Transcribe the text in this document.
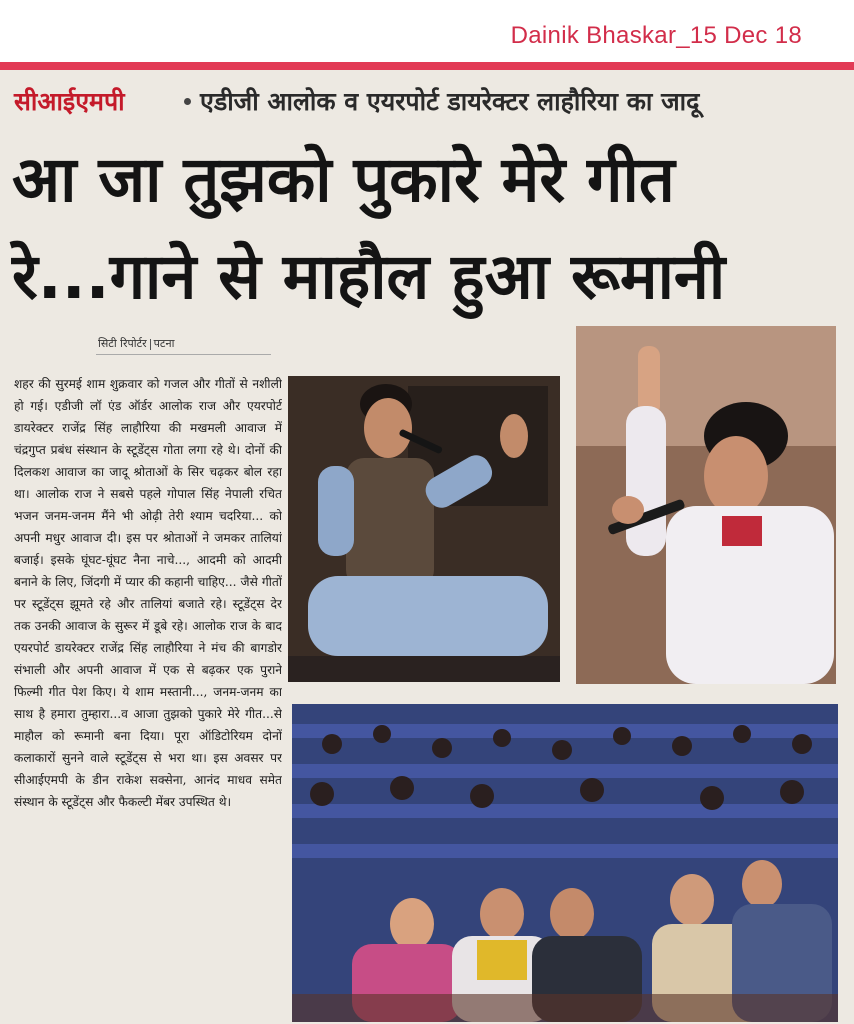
Dainik Bhaskar_15 Dec 18
सीआईएमपी	एडीजी आलोक व एयरपोर्ट डायरेक्टर लाहौरिया का जादू
आ जा तुझको पुकारे मेरे गीत
रे...गाने से माहौल हुआ रूमानी
सिटी रिपोर्टर पटना

शहर की सुरमई शाम शुक्रवार को गजल और गीतों से नशीली हो गई। एडीजी लॉ एंड ऑर्डर आलोक राज और एयरपोर्ट डायरेक्टर राजेंद्र सिंह लाहौरिया की मखमली आवाज में चंद्रगुप्त प्रबंध संस्थान के स्टूडेंट्स गोता लगा रहे थे। दोनों की दिलकश आवाज का जादू श्रोताओं के सिर चढ़कर बोल रहा था। आलोक राज ने सबसे पहले गोपाल सिंह नेपाली रचित भजन जनम-जनम मैंने भी ओढ़ी तेरी श्याम चदरिया... को अपनी मधुर आवाज दी। इस पर श्रोताओं ने जमकर तालियां बजाई। इसके घूंघट-घूंघट नैना नाचे..., आदमी को आदमी बनाने के लिए, जिंदगी में प्यार की कहानी चाहिए... जैसे गीतों पर स्टूडेंट्स झूमते रहे और तालियां बजाते रहे। स्टूडेंट्स देर तक उनकी आवाज के सुरूर में डूबे रहे। आलोक राज के बाद एयरपोर्ट डायरेक्टर राजेंद्र सिंह लाहौरिया ने मंच की बागडोर संभाली और अपनी आवाज में एक से बढ़कर एक पुराने फिल्मी गीत पेश किए। ये शाम मस्तानी..., जनम-जनम का साथ है हमारा तुम्हारा...व आजा तुझको पुकारे मेरे गीत...से माहौल को रूमानी बना दिया। पूरा ऑडिटोरियम दोनों कलाकारों सुनने वाले स्टूडेंट्स से भरा था। इस अवसर पर सीआईएमपी के डीन राकेश सक्सेना, आनंद माधव समेत संस्थान के स्टूडेंट्स और फैकल्टी मेंबर उपस्थित थे।
